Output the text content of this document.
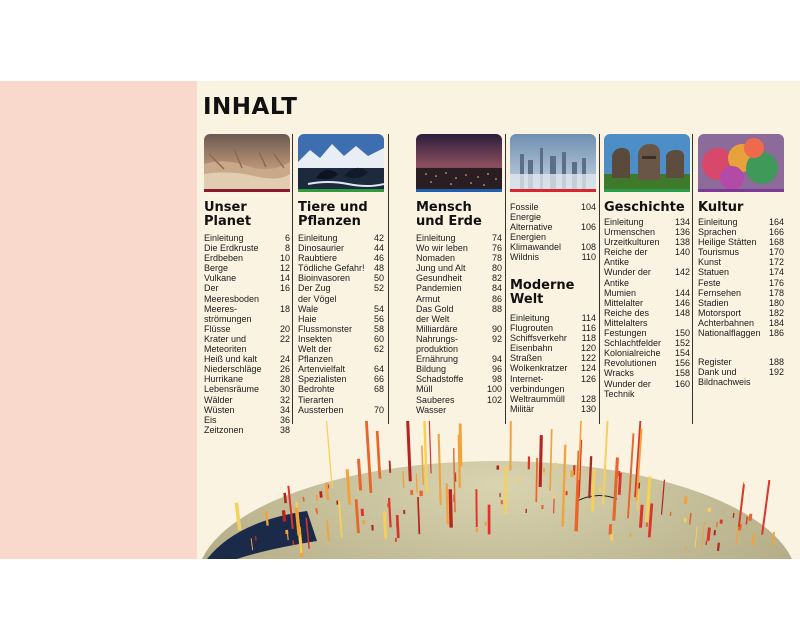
INHALT
Unser
Planet
Einleitung	6
Die Erdkruste	8
Erdbeben	10
Berge	12
Vulkane	14
Der Meeresboden
16
Meeres-
strömungen
18
Flüsse	20
Krater und
Meteoriten
22
Heiß und kalt	24
Niederschläge	26
Hurrikane	28
Lebensräume	30
Wälder	32
Wüsten	34
Eis	36
Zeitzonen	38
Tiere und
Pflanzen
Einleitung	42
Dinosaurier	44
Raubtiere	46
Tödliche Gefahr!	48
Bioinvasoren	50
Der Zug
der Vögel
52
Wale	54
Haie	56
Flussmonster	58
Insekten	60
Welt der
Pflanzen
62
Artenvielfalt	64
Spezialisten	66
Bedrohte
Tierarten
68
Aussterben	70
Mensch
und Erde
Einleitung	74
Wo wir leben	76
Nomaden	78
Jung und Alt	80
Gesundheit	82
Pandemien	84
Armut	86
Das Gold
der Welt
88
Milliardäre	90
Nahrungs-
produktion
92
Ernährung	94
Bildung	96
Schadstoffe	98
Müll	100
Sauberes Wasser
102
Fossile
Energie
104
Alternative
Energien
106
Klimawandel	108
Wildnis	110
Moderne
Welt
Einleitung	114
Flugrouten	116
Schiffsverkehr	118
Eisenbahn	120
Straßen	122
Wolkenkratzer	124
Internet-
verbindungen
126
Weltraummüll	128
Militär	130
Geschichte
Einleitung	134
Urmenschen	136
Urzeitkulturen	138
Reiche der
Antike
140
Wunder der
Antike
142
Mumien	144
Mittelalter	146
Reiche des
Mittelalters
148
Festungen	150
Schlachtfelder	152
Kolonialreiche	154
Revolutionen	156
Wracks	158
Wunder der
Technik
160
Kultur
Einleitung	164
Sprachen	166
Heilige Stätten	168
Tourismus	170
Kunst	172
Statuen	174
Feste	176
Fernsehen	178
Stadien	180
Motorsport	182
Achterbahnen	184
Nationalflaggen 186
Register	188
Dank und
Bildnachweis
192
